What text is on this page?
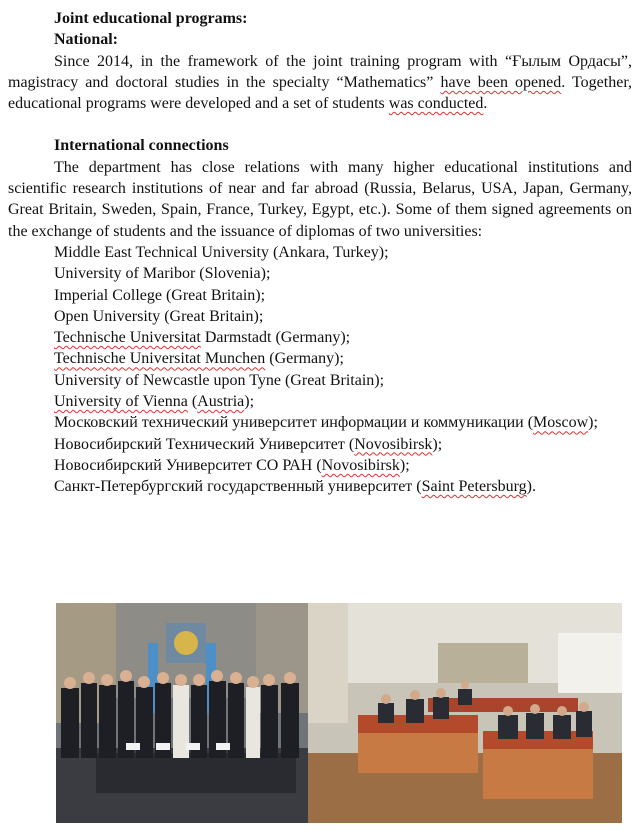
Joint educational programs:
National:
Since 2014, in the framework of the joint training program with “Ғылым Ордасы”, magistracy and doctoral studies in the specialty “Mathematics” have been opened. Together, educational programs were developed and a set of students was conducted.
International connections
The department has close relations with many higher educational institutions and scientific research institutions of near and far abroad (Russia, Belarus, USA, Japan, Germany, Great Britain, Sweden, Spain, France, Turkey, Egypt, etc.). Some of them signed agreements on the exchange of students and the issuance of diplomas of two universities:
Middle East Technical University (Ankara, Turkey);
University of Maribor (Slovenia);
Imperial College (Great Britain);
Open University (Great Britain);
Technische Universitat Darmstadt (Germany);
Technische Universitat Munchen (Germany);
University of Newcastle upon Tyne (Great Britain);
University of Vienna (Austria);
Московский технический университет информации и коммуникации (Moscow);
Новосибирский Технический Университет (Novosibirsk);
Новосибирский Университет СО РАН (Novosibirsk);
Санкт-Петербургский государственный университет (Saint Petersburg).
